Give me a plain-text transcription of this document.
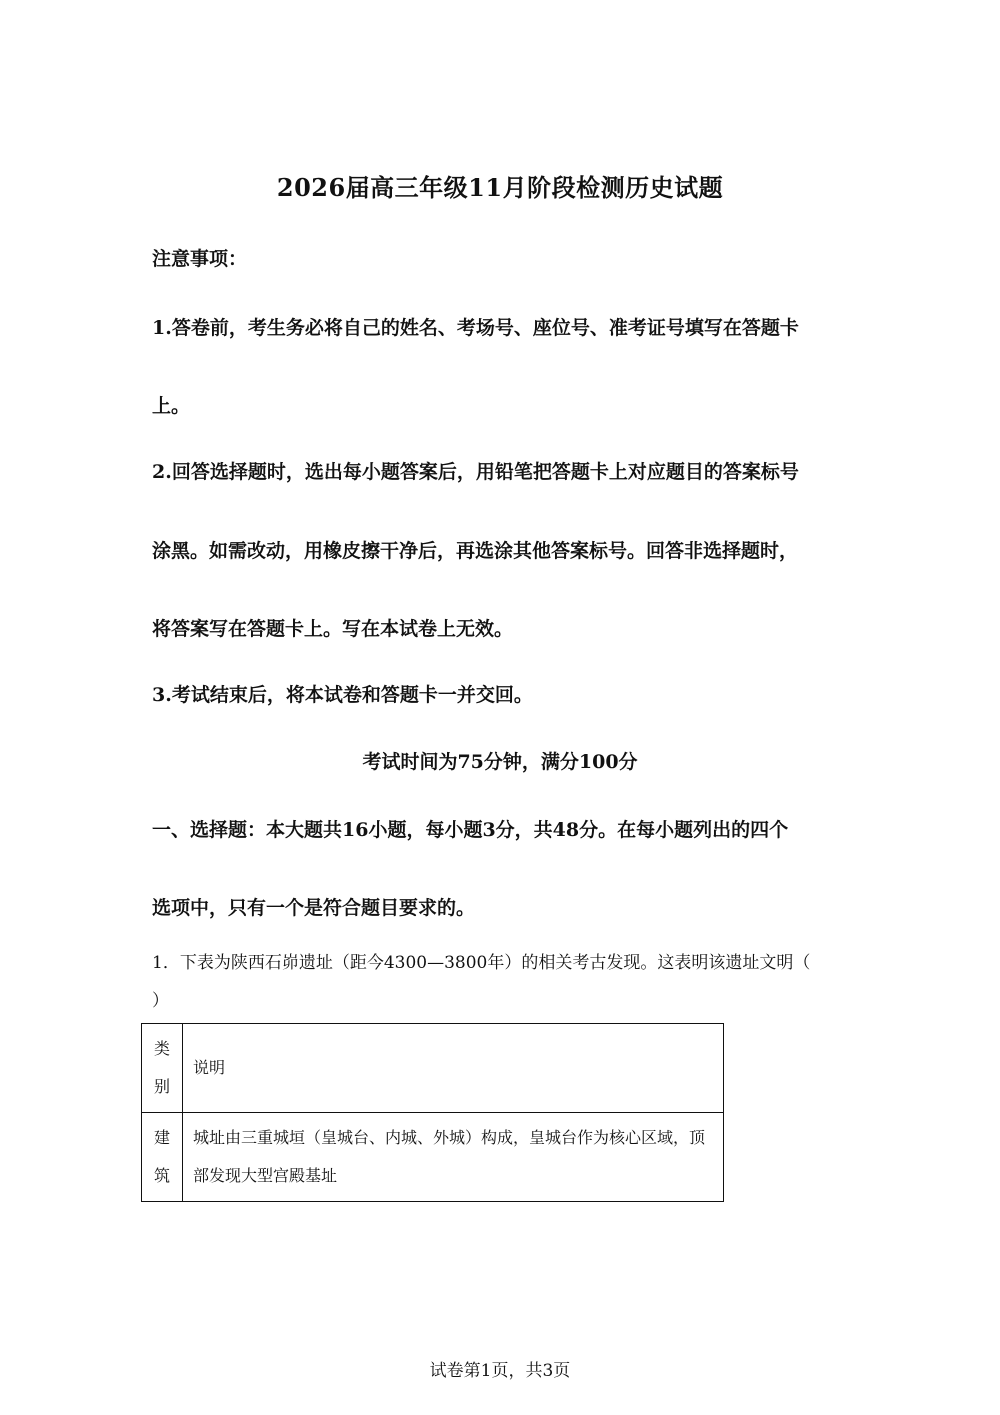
2026届高三年级11月阶段检测历史试题
注意事项：
1.答卷前，考生务必将自己的姓名、考场号、座位号、准考证号填写在答题卡
上。
2.回答选择题时，选出每小题答案后，用铅笔把答题卡上对应题目的答案标号
涂黑。如需改动，用橡皮擦干净后，再选涂其他答案标号。回答非选择题时，
将答案写在答题卡上。写在本试卷上无效。
3.考试结束后，将本试卷和答题卡一并交回。
考试时间为75分钟，满分100分
一、选择题：本大题共16小题，每小题3分，共48分。在每小题列出的四个
选项中，只有一个是符合题目要求的。
1．下表为陕西石峁遗址（距今4300—3800年）的相关考古发现。这表明该遗址文明（
）
类
别	说明

建
筑	城址由三重城垣（皇城台、内城、外城）构成，皇城台作为核心区域，顶部发现大型宫殿基址
试卷第1页，共3页
